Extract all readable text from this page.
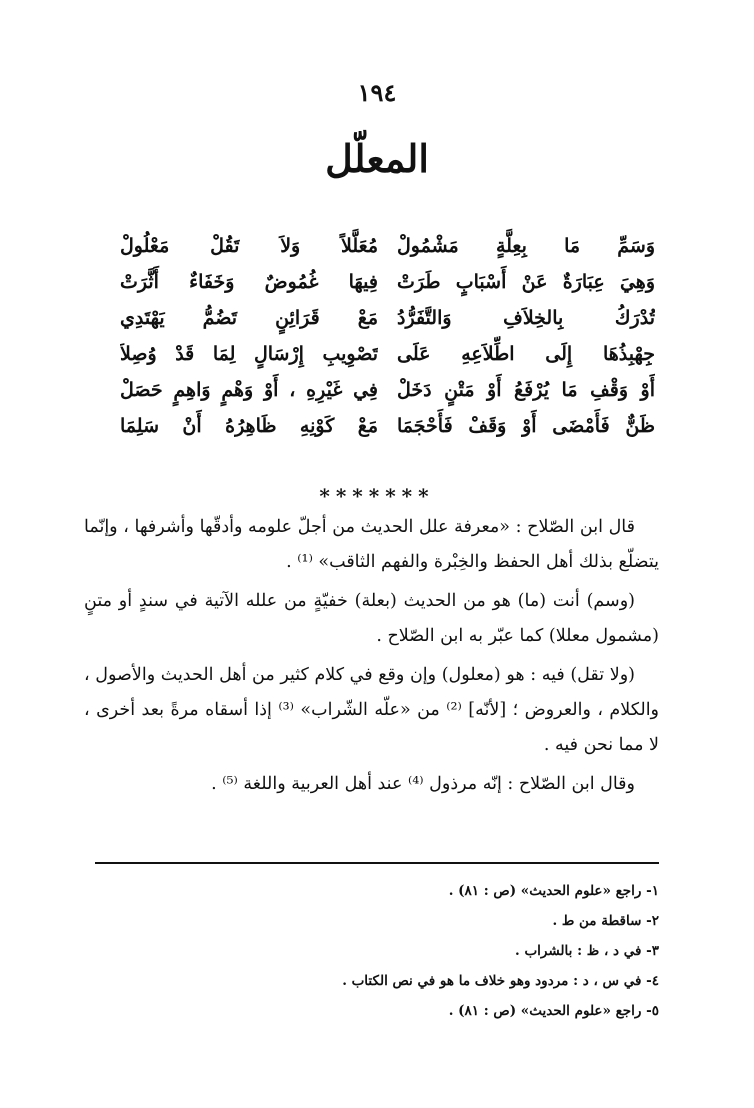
١٩٤
المعلّل
وَسَمِّ مَا بِعِلَّةٍ مَشْمُولْ
مُعَلَّلاً وَلاَ تَقُلْ مَعْلُولْ
وَهِيَ عِبَارَةٌ عَنْ أَسْبَابٍ طَرَتْ
فِيهَا غُمُوضٌ وَخَفَاءٌ أَثَّرَتْ
تُدْرَكُ بِالخِلاَفِ وَالتَّفَرُّدُ
مَعْ قَرَائِنٍ تَضُمُّ يَهْتَدِي
جِهْبِذُهَا إِلَى اطِّلاَعِهِ عَلَى
تَصْوِيبِ إِرْسَالٍ لِمَا قَدْ وُصِلاَ
أَوْ وَقْفِ مَا يُرْفَعُ أَوْ مَتْنٍ دَخَلْ
فِي غَيْرِهِ ، أَوْ وَهْمٍ وَاهِمٍ حَصَلْ
ظَنٌّ فَأَمْضَى أَوْ وَقَفْ فَأَحْجَمَا
مَعْ كَوْنِهِ ظَاهِرُهُ أَنْ سَلِمَا
*******

قال ابن الصّلاح : «معرفة علل الحديث من أجلّ علومه وأدقّها وأشرفها ، وإنّما يتضلّع بذلك أهل الحفظ والخِبْرة والفهم الثاقب» ⁽¹⁾ .

(وسم) أنت (ما) هو من الحديث (بعلة) خفيّةٍ من علله الآتية في سندٍ أو متنٍ (مشمول معللا) كما عبّر به ابن الصّلاح .

(ولا تقل) فيه : هو (معلول) وإن وقع في كلام كثير من أهل الحديث والأصول ، والكلام ، والعروض ؛ [لأنّه] ⁽²⁾ من «علّه الشّراب» ⁽³⁾ إذا أسقاه مرةً بعد أخرى ، لا مما نحن فيه .

وقال ابن الصّلاح : إنّه مرذول ⁽⁴⁾ عند أهل العربية واللغة ⁽⁵⁾ .

١- راجع «علوم الحديث» (ص : ٨١) .
٢- ساقطة من ط .
٣- في د ، ظ : بالشراب .
٤- في س ، د : مردود وهو خلاف ما هو في نص الكتاب .
٥- راجع «علوم الحديث» (ص : ٨١) .
